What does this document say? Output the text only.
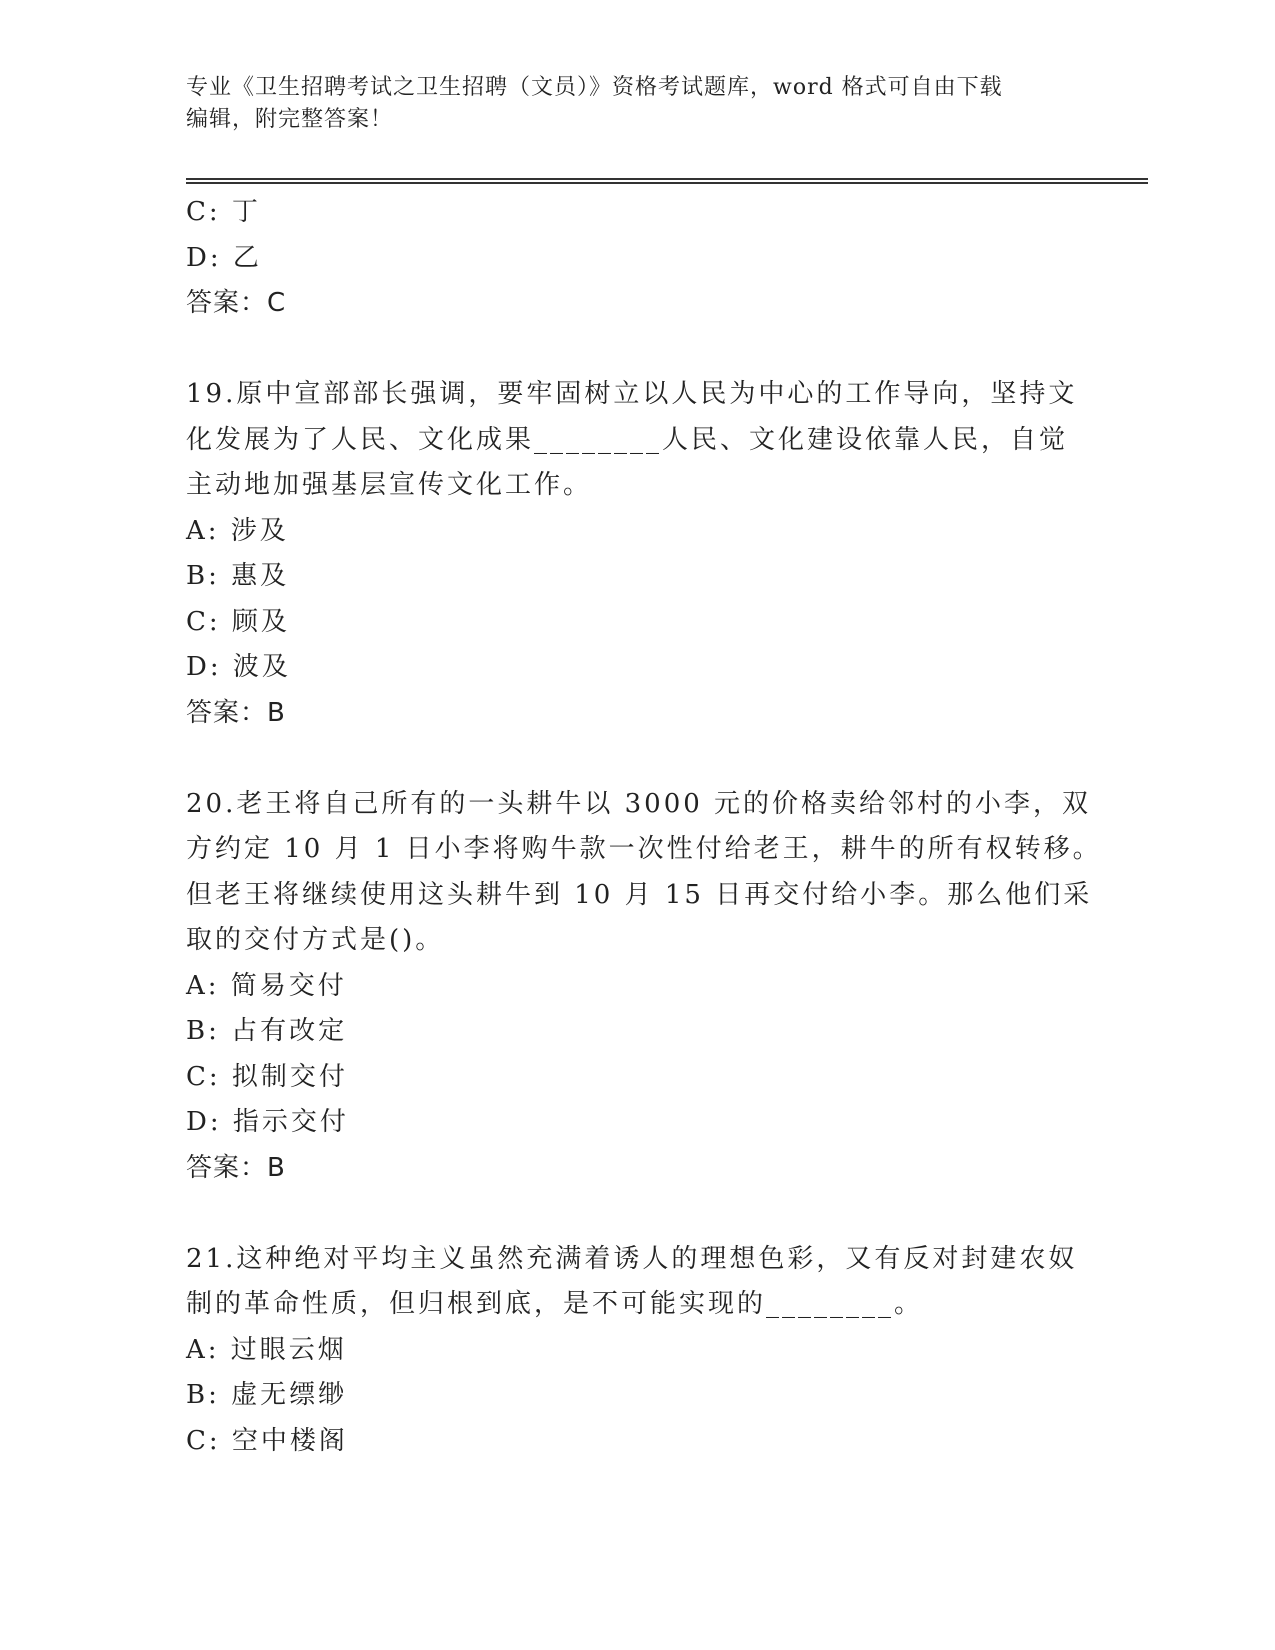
专业《卫生招聘考试之卫生招聘（文员）》资格考试题库，word 格式可自由下载
编辑，附完整答案！
C: 丁
D: 乙
答案：C
19.原中宣部部长强调，要牢固树立以人民为中心的工作导向，坚持文
化发展为了人民、文化成果________人民、文化建设依靠人民，自觉
主动地加强基层宣传文化工作。
A: 涉及
B: 惠及
C: 顾及
D: 波及
答案：B
20.老王将自己所有的一头耕牛以 3000 元的价格卖给邻村的小李，双
方约定 10 月 1 日小李将购牛款一次性付给老王，耕牛的所有权转移。
但老王将继续使用这头耕牛到 10 月 15 日再交付给小李。那么他们采
取的交付方式是()。
A: 简易交付
B: 占有改定
C: 拟制交付
D: 指示交付
答案：B
21.这种绝对平均主义虽然充满着诱人的理想色彩，又有反对封建农奴
制的革命性质，但归根到底，是不可能实现的________。
A: 过眼云烟
B: 虚无缥缈
C: 空中楼阁
